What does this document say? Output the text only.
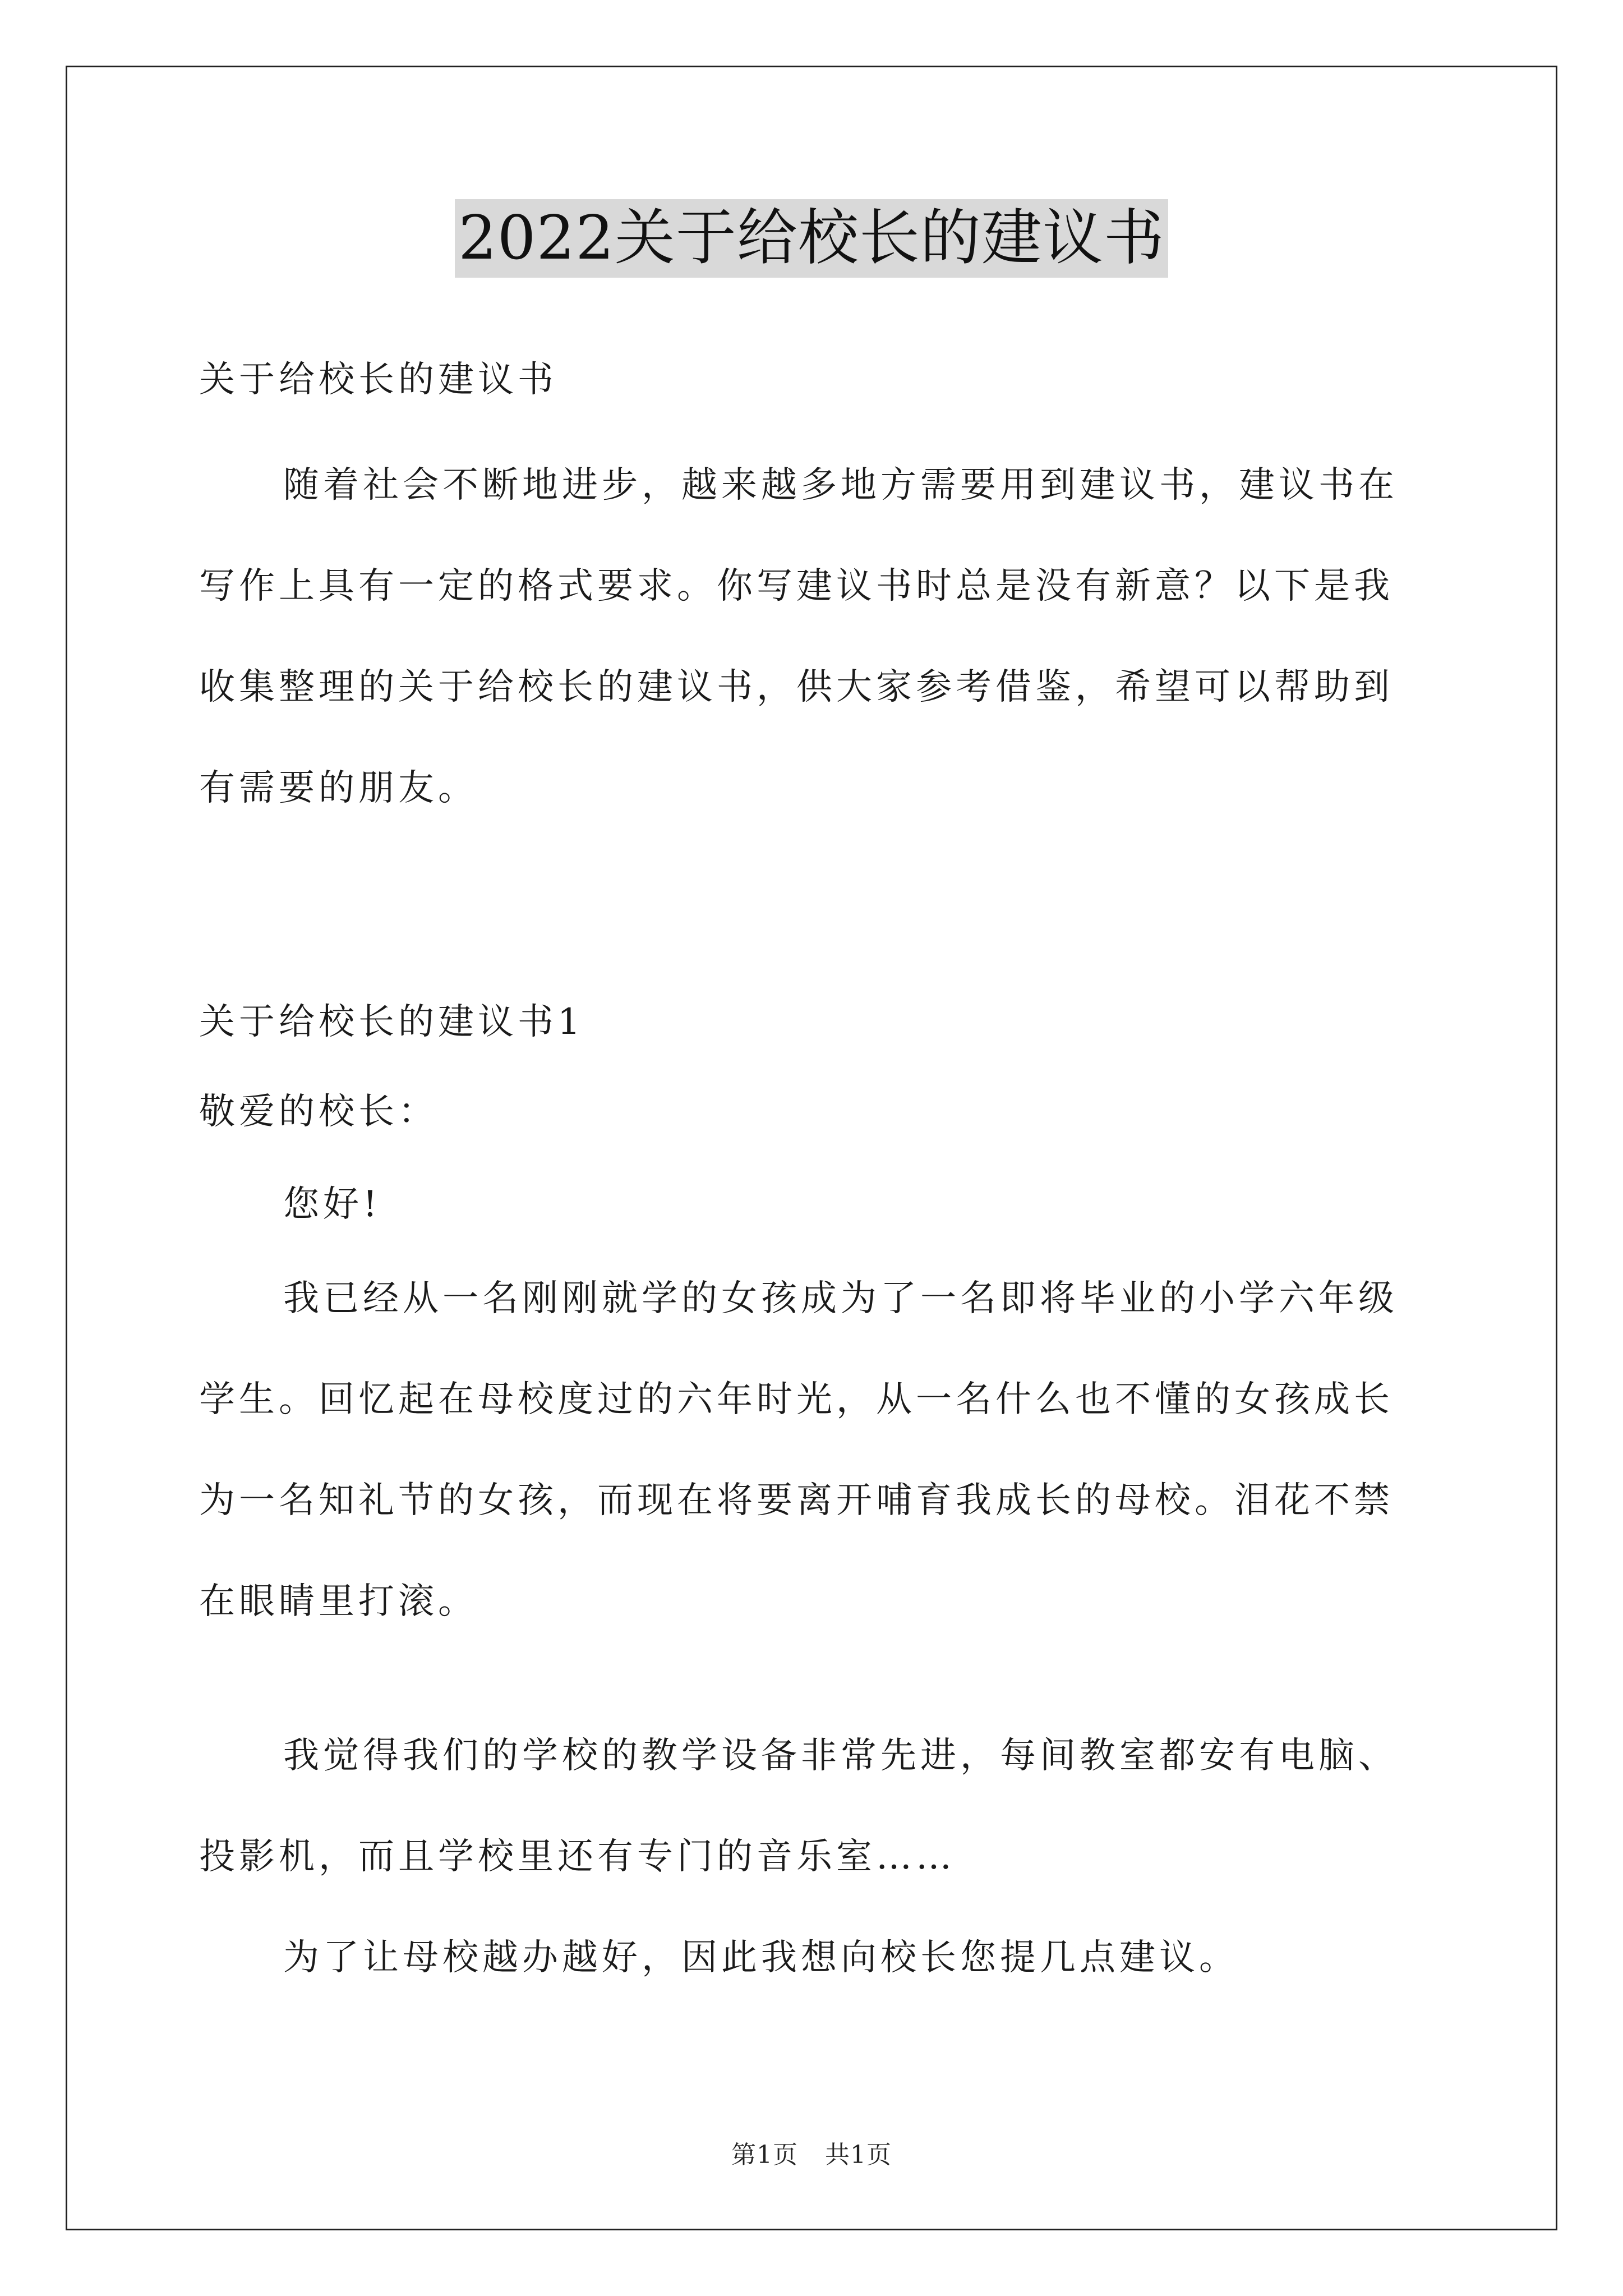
2022关于给校长的建议书

关于给校长的建议书

随着社会不断地进步，越来越多地方需要用到建议书，建议书在
写作上具有一定的格式要求。你写建议书时总是没有新意？以下是我
收集整理的关于给校长的建议书，供大家参考借鉴，希望可以帮助到
有需要的朋友。

关于给校长的建议书1

敬爱的校长：

您好!

我已经从一名刚刚就学的女孩成为了一名即将毕业的小学六年级
学生。回忆起在母校度过的六年时光，从一名什么也不懂的女孩成长
为一名知礼节的女孩，而现在将要离开哺育我成长的母校。泪花不禁
在眼睛里打滚。
我觉得我们的学校的教学设备非常先进，每间教室都安有电脑、
投影机，而且学校里还有专门的音乐室……
为了让母校越办越好，因此我想向校长您提几点建议。
第1页 共1页
